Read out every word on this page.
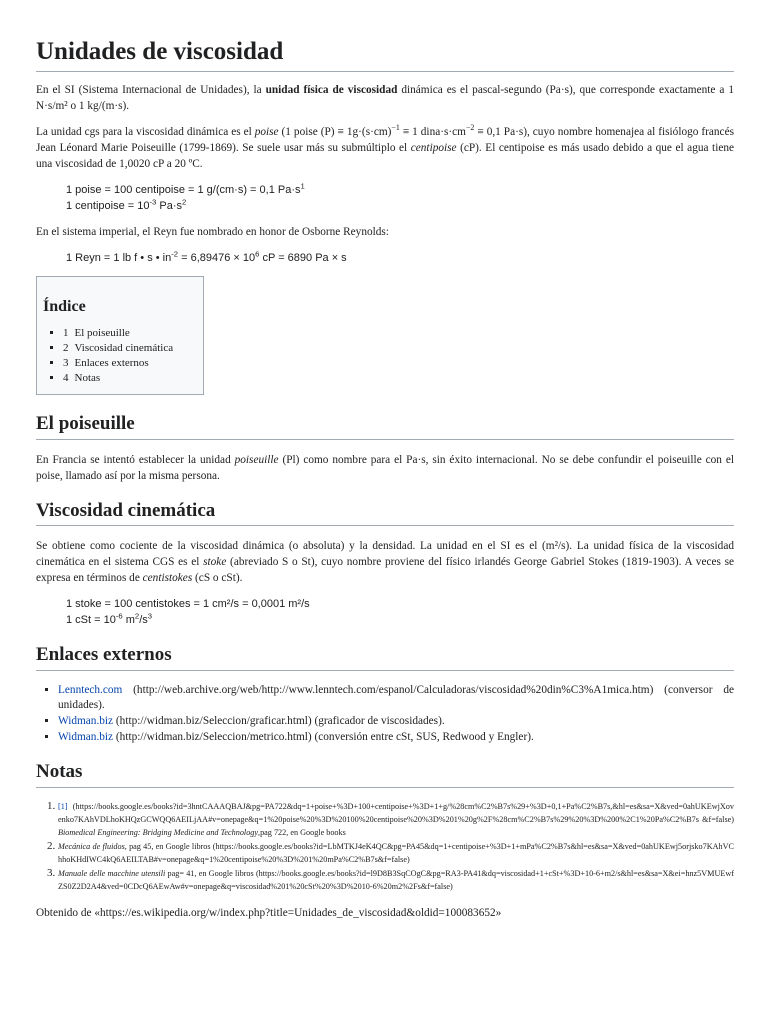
Unidades de viscosidad

En el SI (Sistema Internacional de Unidades), la unidad física de viscosidad dinámica es el pascal-segundo (Pa·s), que corresponde exactamente a 1 N·s/m² o 1 kg/(m·s).

La unidad cgs para la viscosidad dinámica es el poise (1 poise $(P) \equiv 1g\cdot(s\cdot cm)^{-1} \equiv 1$ $dina\cdot s\cdot cm^{-2} \equiv 0,1$ Pa·s), cuyo nombre homenajea al fisiólogo francés Jean Léonard Marie Poiseuille (1799-1869). Se suele usar más su submúltiplo el centipoise (cP). El centipoise es más usado debido a que el agua tiene una viscosidad de 1,0020 cP a 20 ºC.

1 poise = 100 centipoise = 1 g/(cm·s) = 0,1 $Pa\cdot s^1$
1 centipoise = $10^{-3}$ $Pa\cdot s^2$

En el sistema imperial, el Reyn fue nombrado en honor de Osborne Reynolds:

1 Reyn = 1 lb f • s • $in^{-2} = 6,89476 \times 10^6$ cP = 6890 Pa × s
Índice
▪ 1 El poiseuille
▪ 2 Viscosidad cinemática
▪ 3 Enlaces externos
▪ 4 Notas
El poiseuille

En Francia se intentó establecer la unidad poiseuille (Pl) como nombre para el Pa·s, sin éxito internacional. No se debe confundir el poiseuille con el poise, llamado así por la misma persona.

Viscosidad cinemática

Se obtiene como cociente de la viscosidad dinámica (o absoluta) y la densidad. La unidad en el SI es el (m²/s). La unidad física de la viscosidad cinemática en el sistema CGS es el stoke (abreviado S o St), cuyo nombre proviene del físico irlandés George Gabriel Stokes (1819-1903). A veces se expresa en términos de centistokes (cS o cSt).

1 stoke = 100 centistokes = 1 cm²/s = 0,0001 m²/s
1 cSt = $10^{-6}$ $m^2/s^3$
Enlaces externos
▪ Lenntech.com (http://web.archive.org/web/http://www.lenntech.com/espanol/Calculadoras/viscosidad%20din%C3%A1mica.htm) (conversor de unidades).
▪ Widman.biz (http://widman.biz/Seleccion/graficar.html) (graficador de viscosidades).
▪ Widman.biz (http://widman.biz/Seleccion/metrico.html) (conversión entre cSt, SUS, Redwood y Engler).
Notas
1. [1] (https://books.google.es/books?id=3hntCAAAQBAJ&pg=PA722&dq=1+poise+%3D+100+centipoise+%3D+1+g/%28cm%C2%B7s%29+%3D+0,1+Pa%C2%B7s,&hl=es&sa=X&ved=0ahUKEwjXovenko7KAhVDLhoKHQzGCWQQ6AEILjAA#v=onepage&q=1%20poise%20%3D%20100%20centipoise%20%3D%201%20g%2F%28cm%C2%B7s%29%20%3D%200%2C1%20Pa%C2%B7s &f=false) Biomedical Engineering: Bridging Medicine and Technology,pag 722, en Google books
2. Mecánica de fluidos, pag 45, en Google libros (https://books.google.es/books?id=LbMTKJ4eK4QC&pg=PA45&dq=1+centipoise+%3D+1+mPa%C2%B7s&hl=es&sa=X&ved=0ahUKEwj5orjsko7KAhVChhoKHdIWC4kQ6AEILTAB#v=onepage&q=1%20centipoise%20%3D%201%20mPa%C2%B7s&f=false)
3. Manuale delle macchine utensili pag= 41, en Google libros (https://books.google.es/books?id=l9D8B3SqCOgC&pg=RA3-PA41&dq=viscosidad+1+cSt+%3D+10-6+m2/s&hl=es&sa=X&ei=hnz5VMUEwfZS0Z2D2A4&ved=0CDcQ6AEwAw#v=onepage&q=viscosidad%201%20cSt%20%3D%2010-6%20m2%2Fs&f=false)
Obtenido de «https://es.wikipedia.org/w/index.php?title=Unidades_de_viscosidad&oldid=100083652»
